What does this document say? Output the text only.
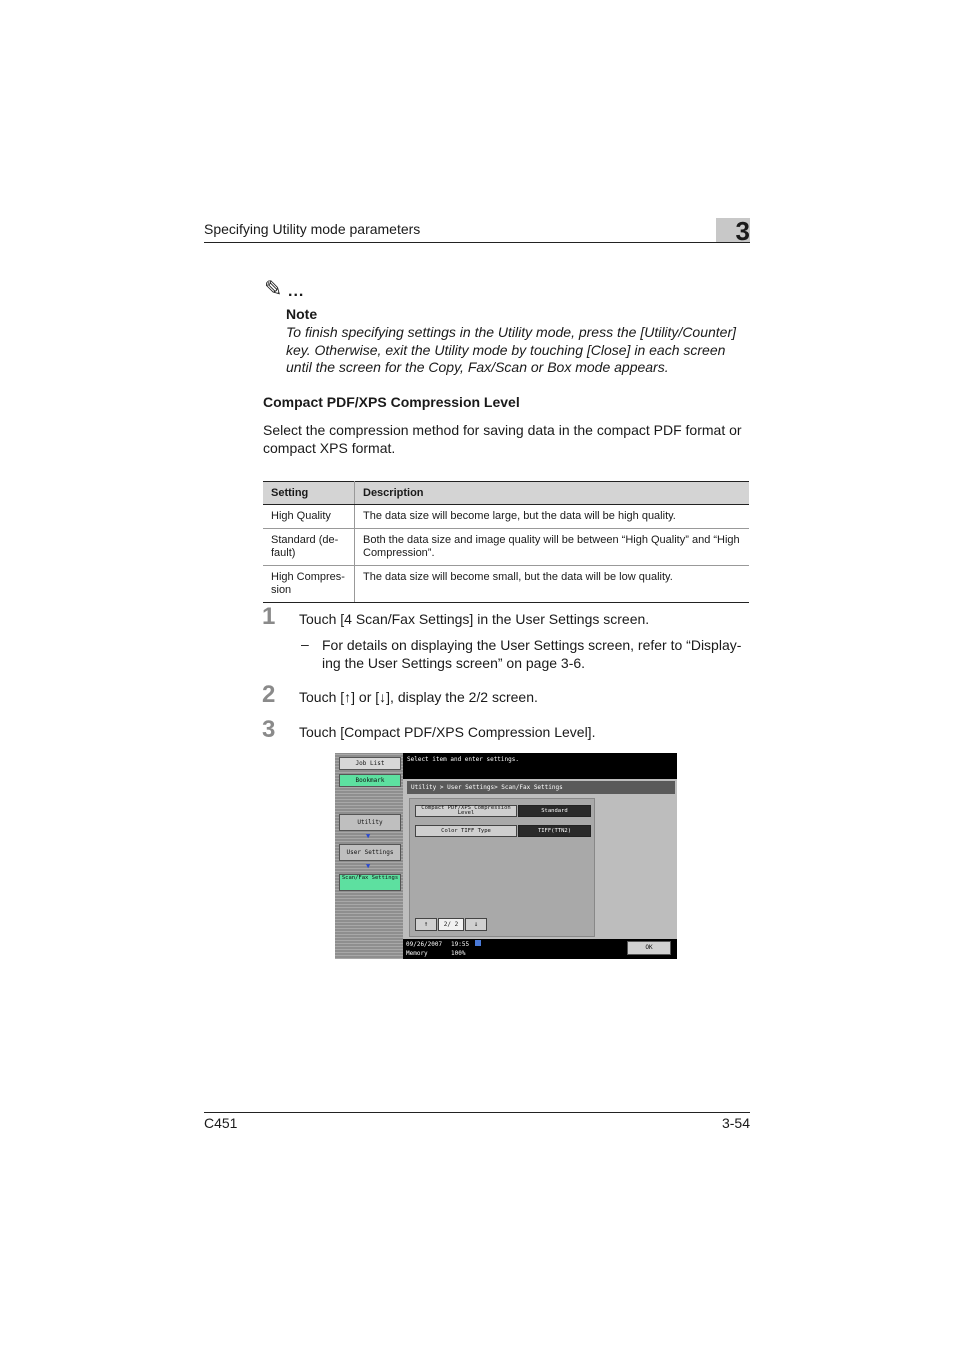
Specifying Utility mode parameters	3
✎ ...
Note
To finish specifying settings in the Utility mode, press the [Utility/Counter] key. Otherwise, exit the Utility mode by touching [Close] in each screen until the screen for the Copy, Fax/Scan or Box mode appears.
Compact PDF/XPS Compression Level
Select the compression method for saving data in the compact PDF format or compact XPS format.
Setting	Description
High Quality	The data size will become large, but the data will be high quality.
Standard (de-fault)	Both the data size and image quality will be between “High Quality” and “High Compression”.
High Compres-sion	The data size will become small, but the data will be low quality.
1 Touch [4 Scan/Fax Settings] in the User Settings screen.
– For details on displaying the User Settings screen, refer to “Display-ing the User Settings screen” on page 3-6.
2 Touch [↑] or [↓], display the 2/2 screen.
3 Touch [Compact PDF/XPS Compression Level].
Job List
Bookmark
Utility
▼
User Settings
▼
Scan/Fax Settings
Select item and enter settings.
Utility > User Settings> Scan/Fax Settings
Compact PDF/XPS Compression Level	Standard
Color TIFF Type	TIFF(TTN2)
↑	2/ 2	↓
09/26/2007 19:55
Memory	100%
OK
C451	3-54
